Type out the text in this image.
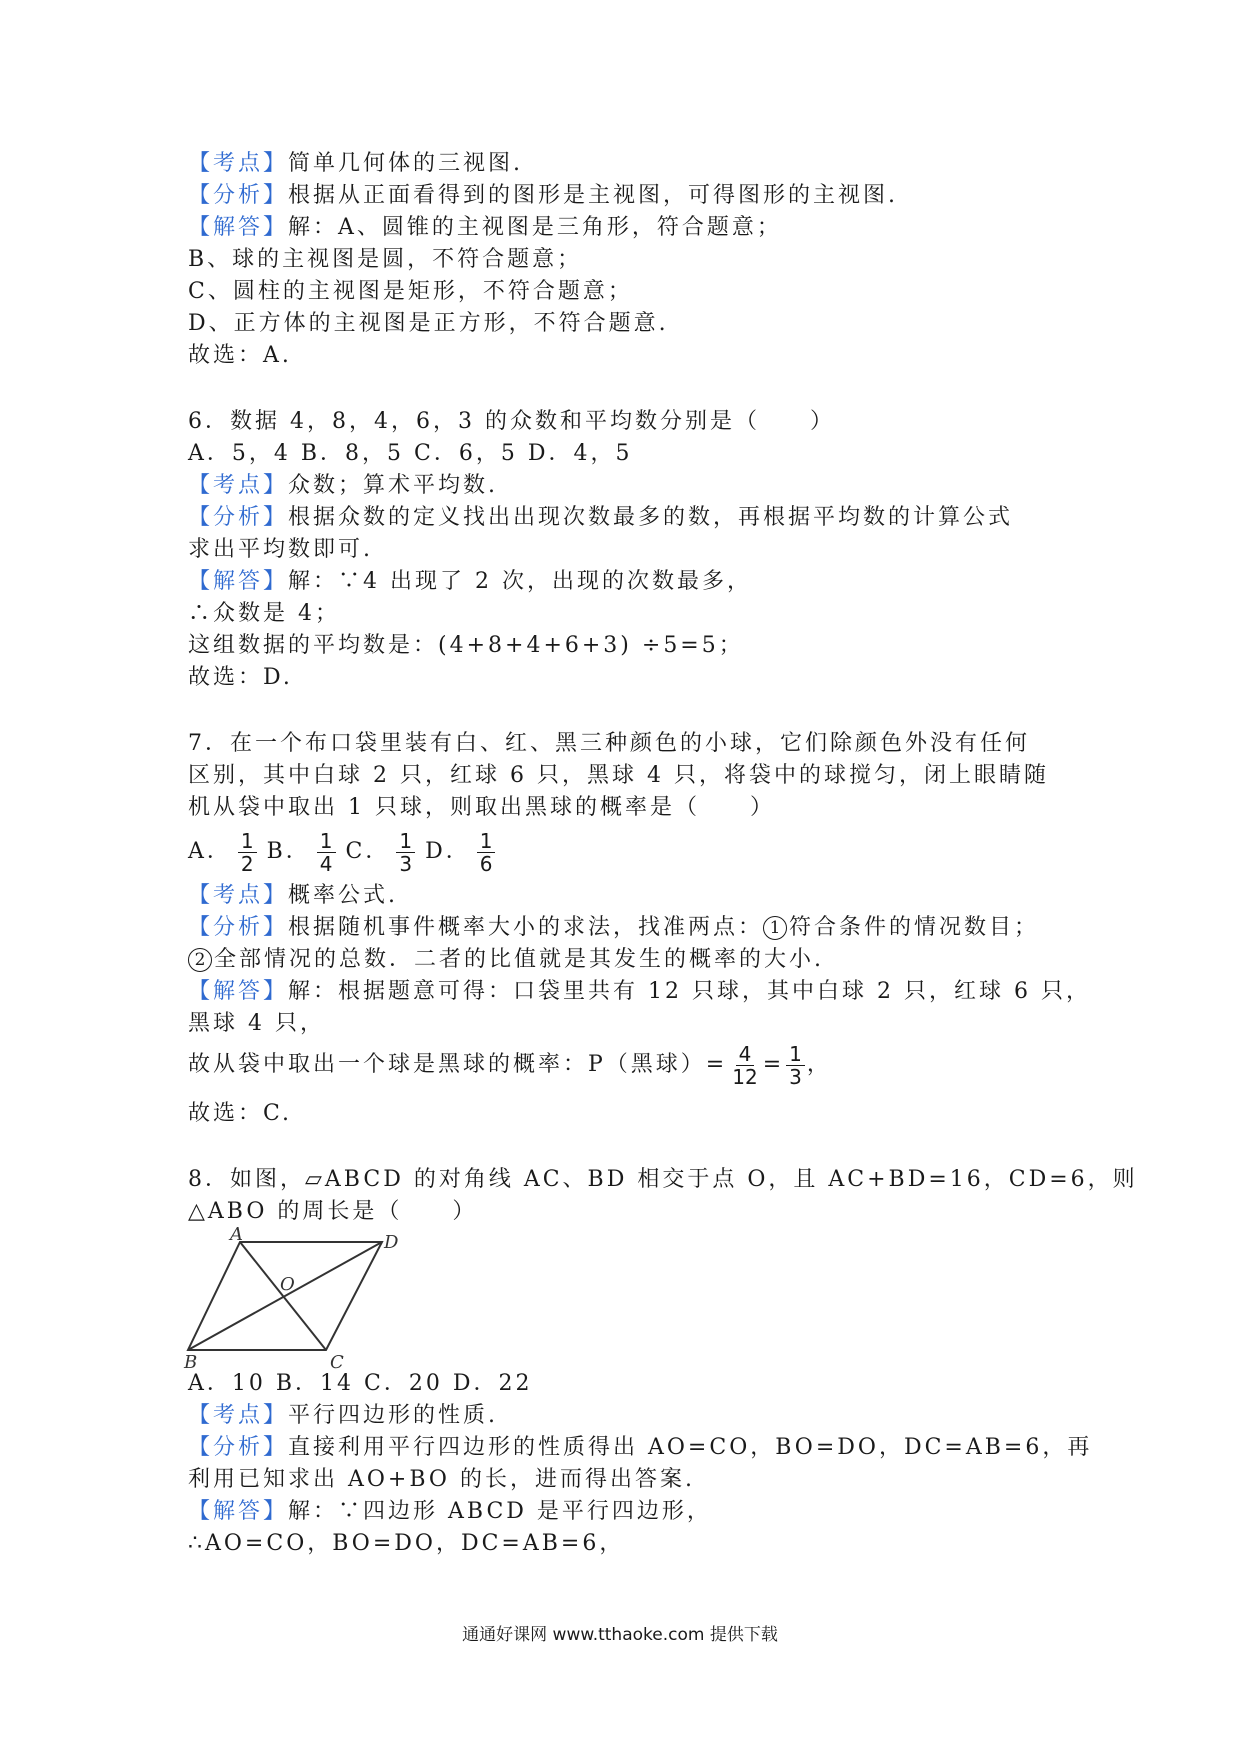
【考点】简单几何体的三视图.
【分析】根据从正面看得到的图形是主视图，可得图形的主视图.
【解答】解：A、圆锥的主视图是三角形，符合题意；
B、球的主视图是圆，不符合题意；
C、圆柱的主视图是矩形，不符合题意；
D、正方体的主视图是正方形，不符合题意.
故选：A.
6．数据 4，8，4，6，3 的众数和平均数分别是（　　）
A．5，4 B．8，5 C．6，5 D．4，5
【考点】众数；算术平均数.
【分析】根据众数的定义找出出现次数最多的数，再根据平均数的计算公式
求出平均数即可.
【解答】解：∵4 出现了 2 次，出现的次数最多，
∴众数是 4；
这组数据的平均数是：(4+8+4+6+3) ÷5=5；
故选：D.
7．在一个布口袋里装有白、红、黑三种颜色的小球，它们除颜色外没有任何
区别，其中白球 2 只，红球 6 只，黑球 4 只，将袋中的球搅匀，闭上眼睛随
机从袋中取出 1 只球，则取出黑球的概率是（　　）
A． $\frac{1}{2}$ B． $\frac{1}{4}$ C． $\frac{1}{3}$ D． $\frac{1}{6}$
【考点】概率公式.
【分析】根据随机事件概率大小的求法，找准两点： 1 符合条件的情况数目；
2 全部情况的总数．二者的比值就是其发生的概率的大小.
【解答】解：根据题意可得：口袋里共有 12 只球，其中白球 2 只，红球 6 只，
黑球 4 只，
故从袋中取出一个球是黑球的概率：P（黑球）= $\frac{4}{12} = \frac{1}{3}$ ，
故选：C.
8．如图，▱ABCD 的对角线 AC、BD 相交于点 O，且 AC+BD=16，CD=6，则
△ABO 的周长是（　　）
A	D
O
B	C
A．10 B．14 C．20 D．22
【考点】平行四边形的性质.
【分析】直接利用平行四边形的性质得出 AO=CO，BO=DO，DC=AB=6，再
利用已知求出 AO+BO 的长，进而得出答案.
【解答】解：∵四边形 ABCD 是平行四边形，
∴AO=CO，BO=DO，DC=AB=6，
通通好课网 www.tthaoke.com 提供下载
